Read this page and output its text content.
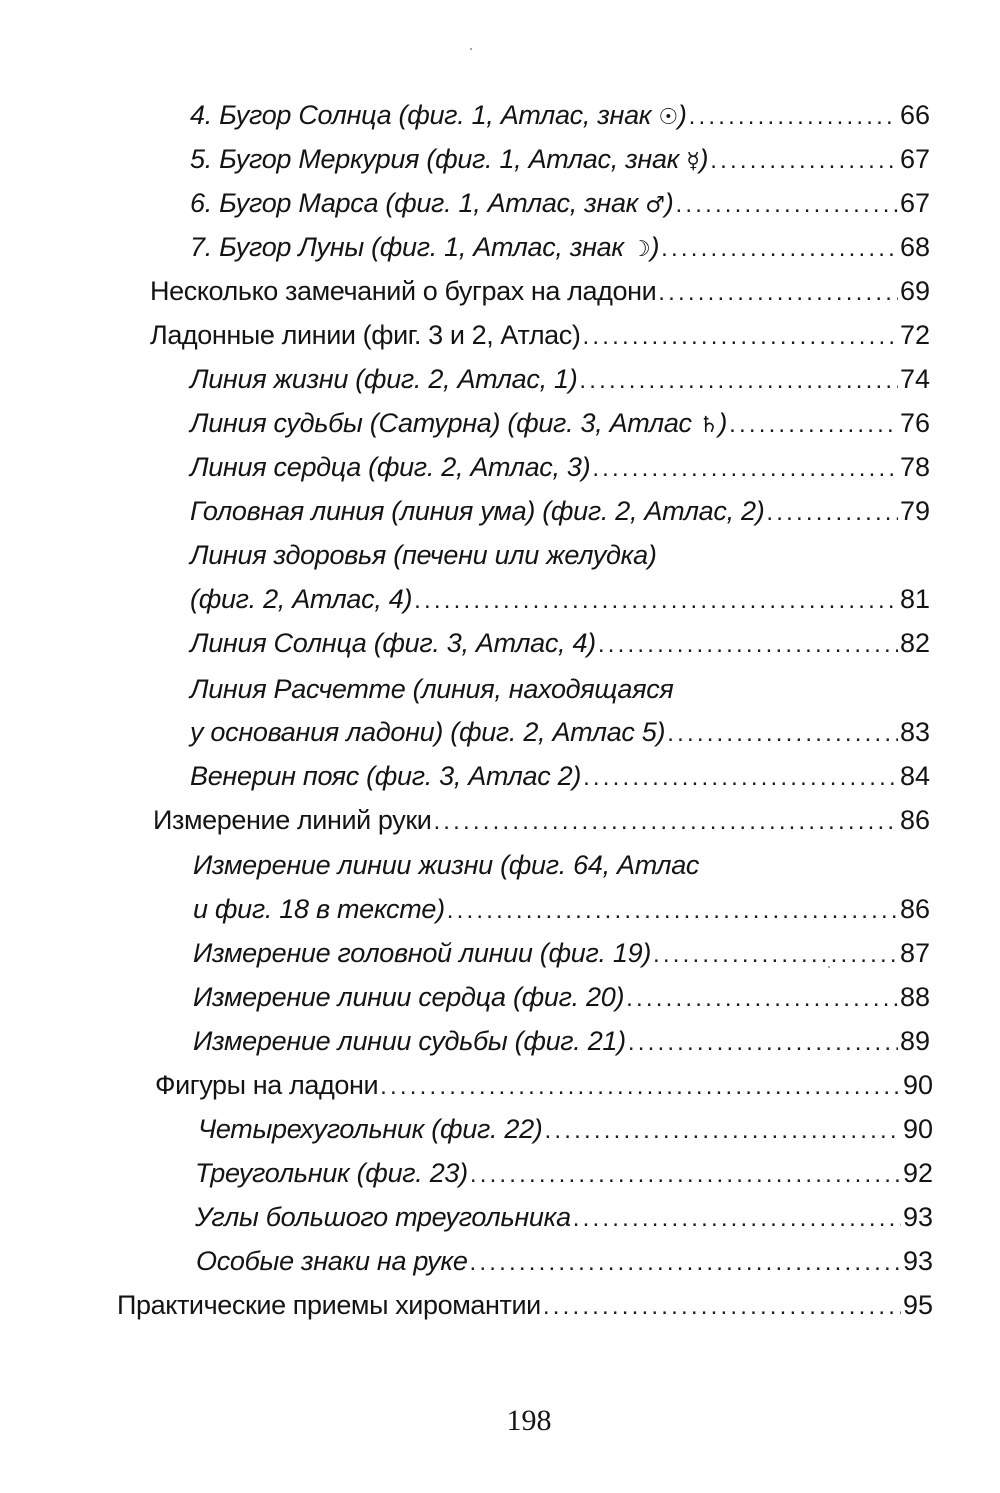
4. Бугор Солнца (фиг. 1, Атлас, знак ☉) .....	66
5. Бугор Меркурия (фиг. 1, Атлас, знак ☿) .....	67
6. Бугор Марса (фиг. 1, Атлас, знак ♂) .....	67
7. Бугор Луны (фиг. 1, Атлас, знак ☽) .....	68
Несколько замечаний о буграх на ладони .....	69
Ладонные линии (фиг. 3 и 2, Атлас) .....	72
Линия жизни (фиг. 2, Атлас, 1) .....	74
Линия судьбы (Сатурна) (фиг. 3, Атлас ♄) .....	76
Линия сердца (фиг. 2, Атлас, 3) .....	78
Головная линия (линия ума) (фиг. 2, Атлас, 2) .....	79
Линия здоровья (печени или желудка)
(фиг. 2, Атлас, 4) .....	81
Линия Солнца (фиг. 3, Атлас, 4) .....	82
Линия Расчетте (линия, находящаяся
у основания ладони) (фиг. 2, Атлас 5) .....	83
Венерин пояс (фиг. 3, Атлас 2) .....	84
Измерение линий руки .....	86
Измерение линии жизни (фиг. 64, Атлас
и фиг. 18 в тексте) .....	86
Измерение головной линии (фиг. 19) .....	87
Измерение линии сердца (фиг. 20) .....	88
Измерение линии судьбы (фиг. 21) .....	89
Фигуры на ладони .....	90
Четырехугольник (фиг. 22) .....	90
Треугольник (фиг. 23) .....	92
Углы большого треугольника .....	93
Особые знаки на руке .....	93
Практические приемы хиромантии .....	95
198
